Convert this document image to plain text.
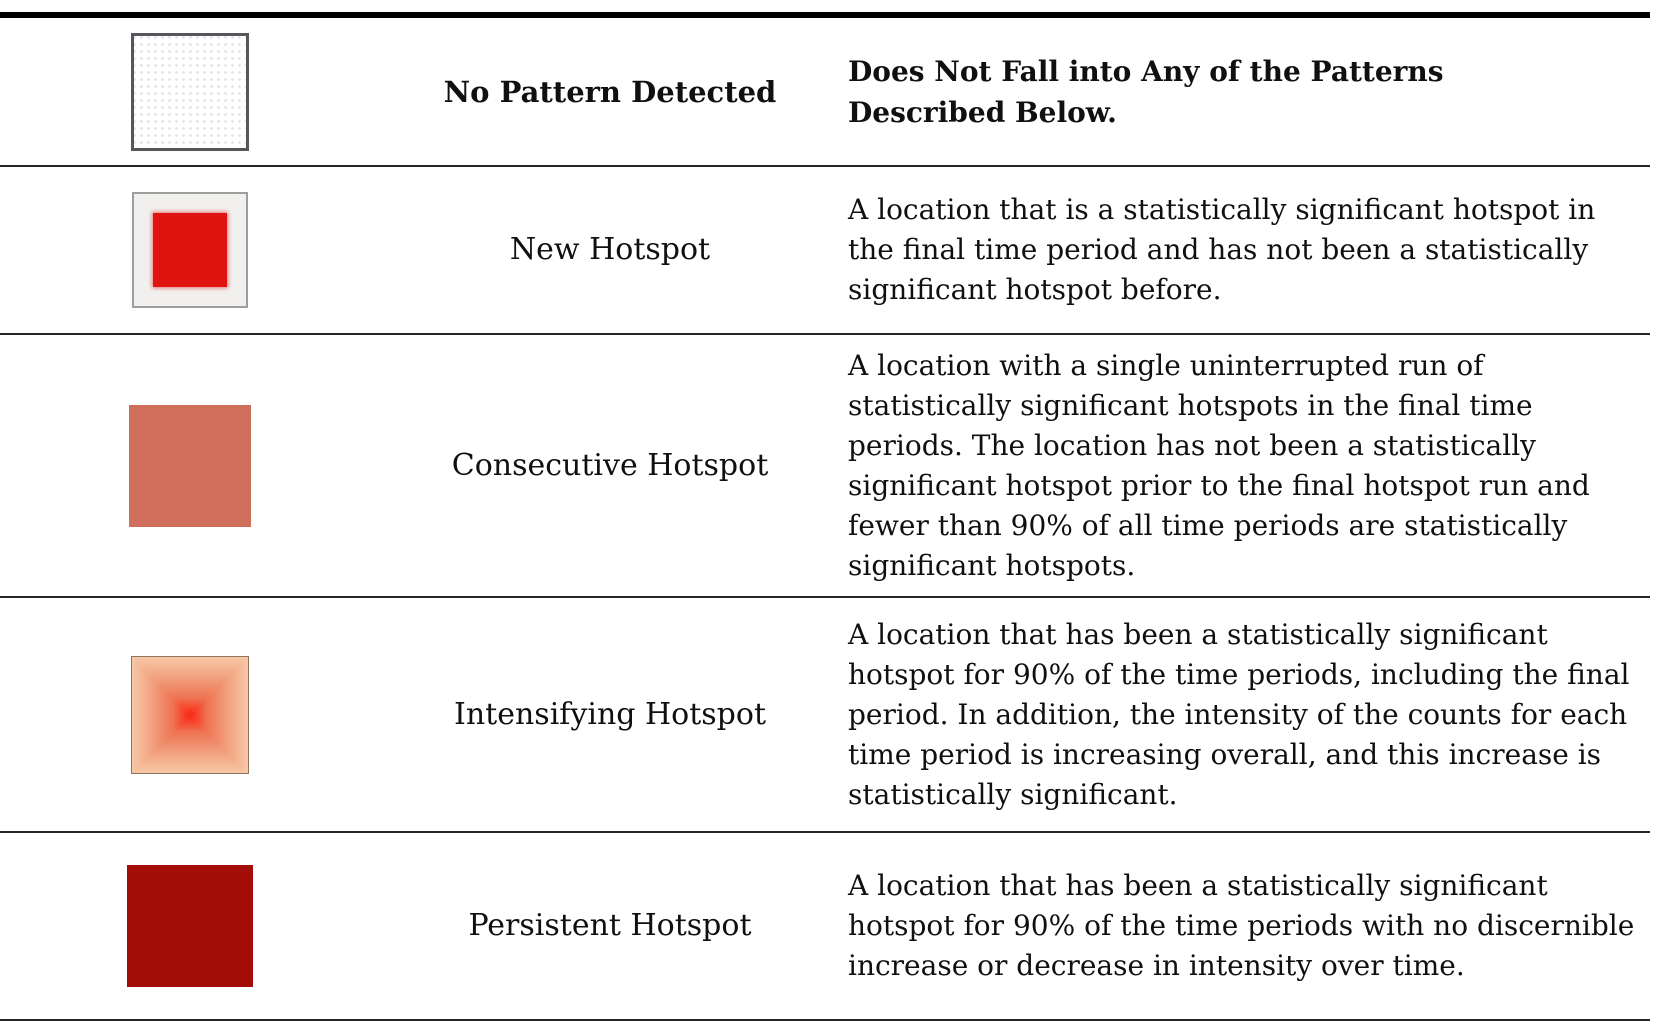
No Pattern Detected
Does Not Fall into Any of the Patterns Described Below.
New Hotspot
A location that is a statistically significant hotspot in the final time period and has not been a statistically significant hotspot before.
Consecutive Hotspot
A location with a single uninterrupted run of statistically significant hotspots in the final time periods. The location has not been a statistically significant hotspot prior to the final hotspot run and fewer than 90% of all time periods are statistically significant hotspots.
Intensifying Hotspot
A location that has been a statistically significant hotspot for 90% of the time periods, including the final period. In addition, the intensity of the counts for each time period is increasing overall, and this increase is statistically significant.
Persistent Hotspot
A location that has been a statistically significant hotspot for 90% of the time periods with no discernible increase or decrease in intensity over time.
